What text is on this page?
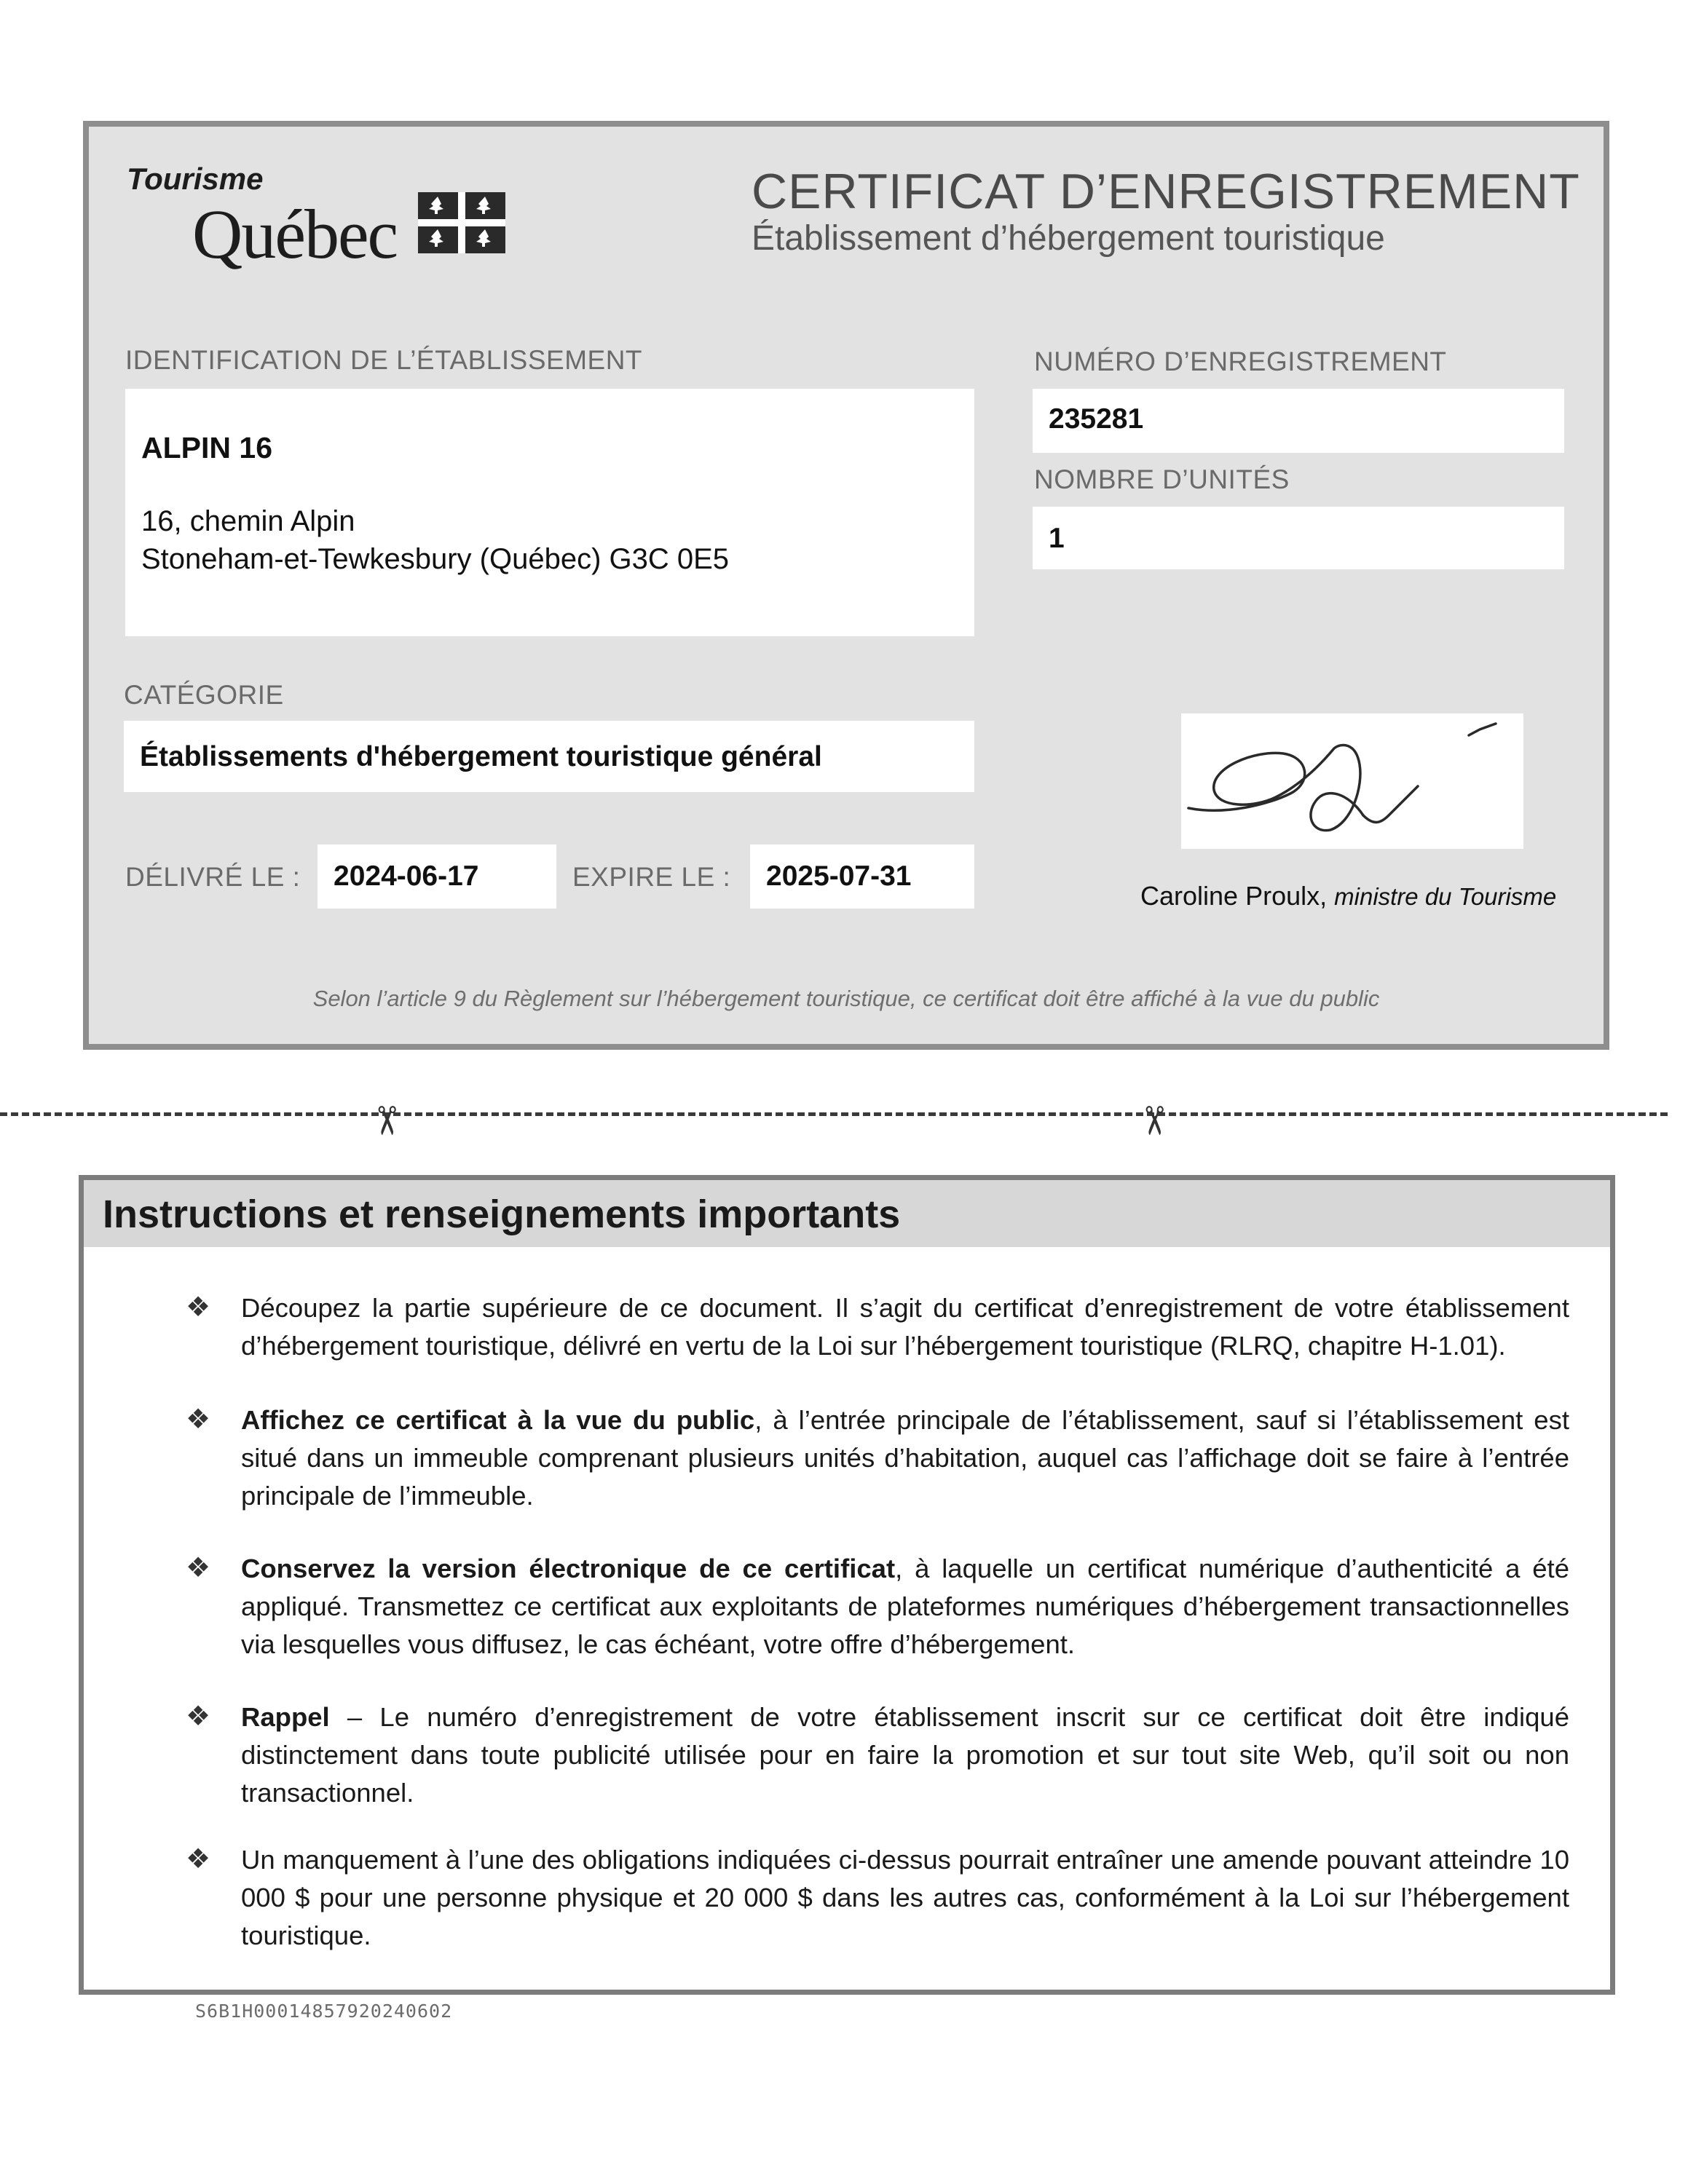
Tourisme
Québec
CERTIFICAT D’ENREGISTREMENT
Établissement d’hébergement touristique
IDENTIFICATION DE L’ÉTABLISSEMENT
ALPIN 16
16, chemin Alpin
Stoneham-et-Tewkesbury (Québec) G3C 0E5
NUMÉRO D’ENREGISTREMENT
235281
NOMBRE D’UNITÉS
1
CATÉGORIE
Établissements d'hébergement touristique général
DÉLIVRÉ LE : 2024-06-17	EXPIRE LE : 2025-07-31
Caroline Proulx, ministre du Tourisme
Selon l’article 9 du Règlement sur l’hébergement touristique, ce certificat doit être affiché à la vue du public
✂	✂
Instructions et renseignements importants
❖ Découpez la partie supérieure de ce document. Il s’agit du certificat d’enregistrement de votre établissement d’hébergement touristique, délivré en vertu de la Loi sur l’hébergement touristique (RLRQ, chapitre H-1.01).
❖ Affichez ce certificat à la vue du public, à l’entrée principale de l’établissement, sauf si l’établissement est situé dans un immeuble comprenant plusieurs unités d’habitation, auquel cas l’affichage doit se faire à l’entrée principale de l’immeuble.
❖ Conservez la version électronique de ce certificat, à laquelle un certificat numérique d’authenticité a été appliqué. Transmettez ce certificat aux exploitants de plateformes numériques d’hébergement transactionnelles via lesquelles vous diffusez, le cas échéant, votre offre d’hébergement.
❖ Rappel – Le numéro d’enregistrement de votre établissement inscrit sur ce certificat doit être indiqué distinctement dans toute publicité utilisée pour en faire la promotion et sur tout site Web, qu’il soit ou non transactionnel.
❖ Un manquement à l’une des obligations indiquées ci-dessus pourrait entraîner une amende pouvant atteindre 10 000 $ pour une personne physique et 20 000 $ dans les autres cas, conformément à la Loi sur l’hébergement touristique.
S6B1H00014857920240602
